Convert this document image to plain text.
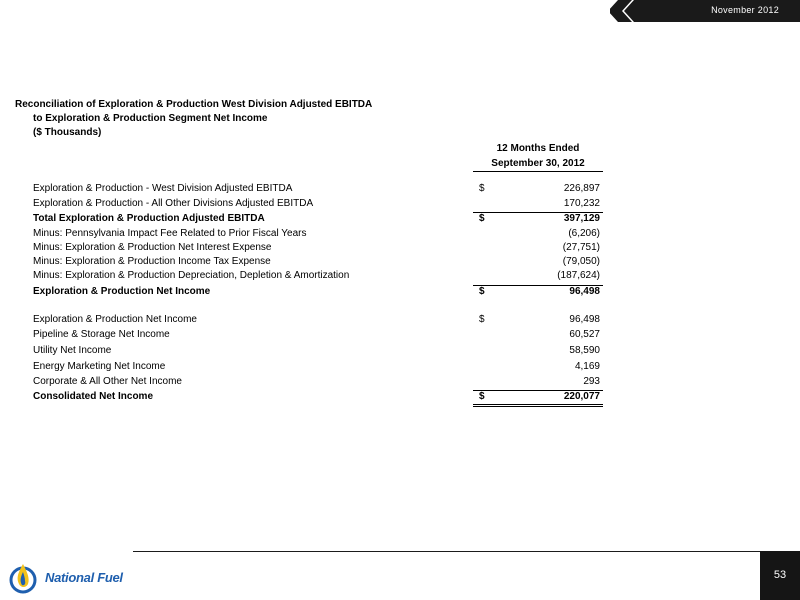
November 2012
Reconciliation of Exploration & Production West Division Adjusted EBITDA
to Exploration & Production Segment Net Income
($ Thousands)
12 Months Ended
September 30, 2012
Exploration & Production - West Division Adjusted EBITDA	$	226,897
Exploration & Production - All Other Divisions Adjusted EBITDA	170,232
Total Exploration & Production Adjusted EBITDA	$	397,129
Minus: Pennsylvania Impact Fee Related to Prior Fiscal Years	(6,206)
Minus: Exploration & Production Net Interest Expense	(27,751)
Minus: Exploration & Production Income Tax Expense	(79,050)
Minus: Exploration & Production Depreciation, Depletion & Amortization	(187,624)
Exploration & Production Net Income	$	96,498
Exploration & Production Net Income	$	96,498
Pipeline & Storage Net Income	60,527
Utility Net Income	58,590
Energy Marketing Net Income	4,169
Corporate & All Other Net Income	293
Consolidated Net Income	$	220,077
National Fuel	53
